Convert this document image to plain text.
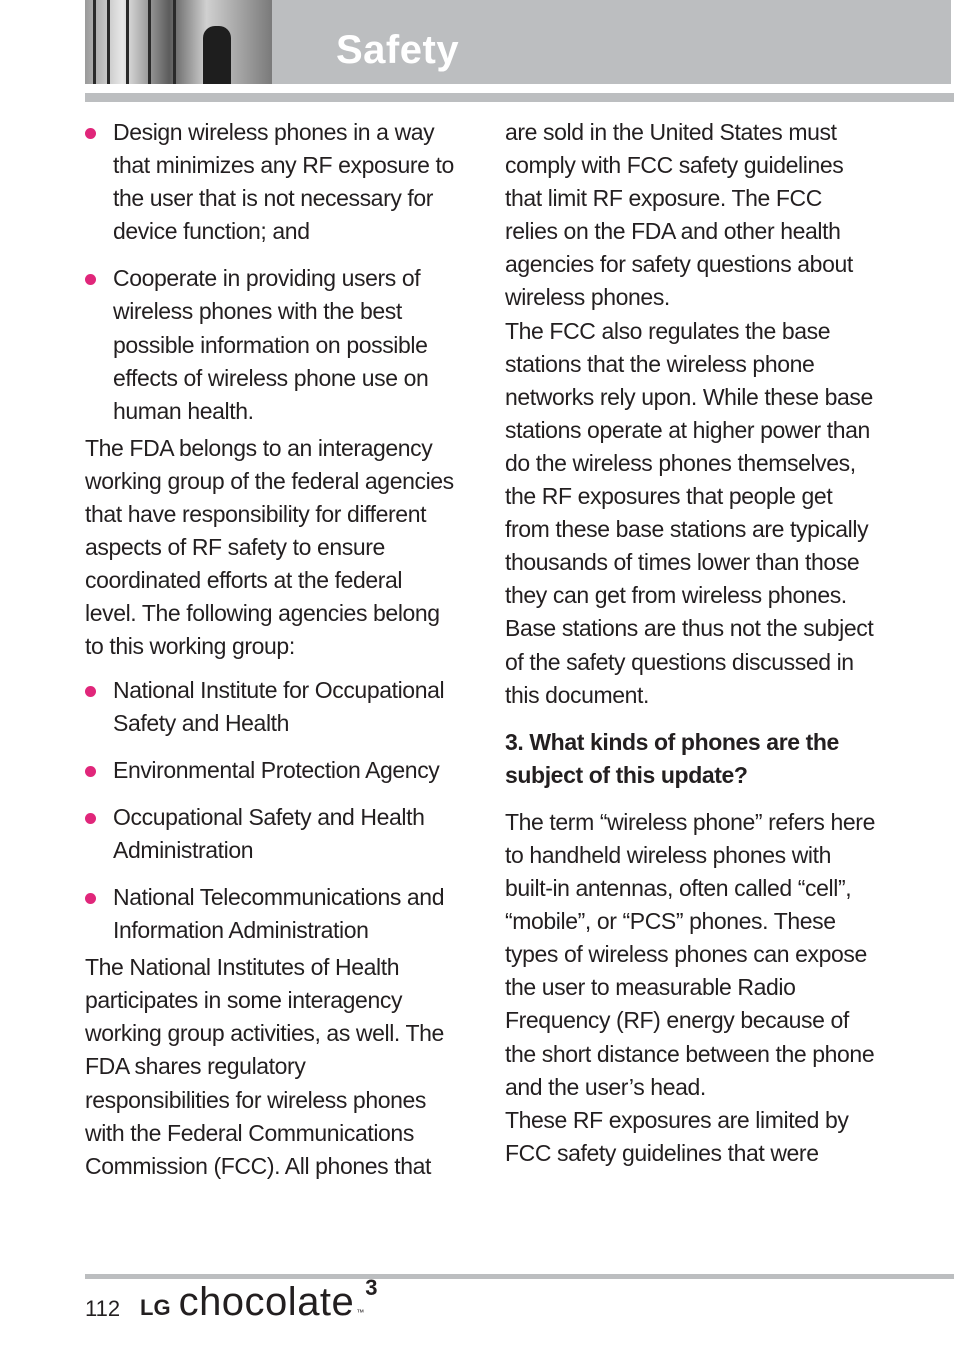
Safety
Design wireless phones in a way that minimizes any RF exposure to the user that is not necessary for device function; and
Cooperate in providing users of wireless phones with the best possible information on possible effects of wireless phone use on human health.

The FDA belongs to an interagency working group of the federal agencies that have responsibility for different aspects of RF safety to ensure coordinated efforts at the federal level. The following agencies belong to this working group:

National Institute for Occupational Safety and Health
Environmental Protection Agency
Occupational Safety and Health Administration
National Telecommunications and Information Administration

The National Institutes of Health participates in some interagency working group activities, as well. The FDA shares regulatory responsibilities for wireless phones with the Federal Communications Commission (FCC). All phones that

are sold in the United States must comply with FCC safety guidelines that limit RF exposure. The FCC relies on the FDA and other health agencies for safety questions about wireless phones.

The FCC also regulates the base stations that the wireless phone networks rely upon. While these base stations operate at higher power than do the wireless phones themselves, the RF exposures that people get from these base stations are typically thousands of times lower than those they can get from wireless phones. Base stations are thus not the subject of the safety questions discussed in this document.

3. What kinds of phones are the subject of this update?

The term “wireless phone” refers here to handheld wireless phones with built-in antennas, often called “cell”, “mobile”, or “PCS” phones. These types of wireless phones can expose the user to measurable Radio Frequency (RF) energy because of the short distance between the phone and the user’s head.

These RF exposures are limited by FCC safety guidelines that were

112 LG chocolate ™
3
